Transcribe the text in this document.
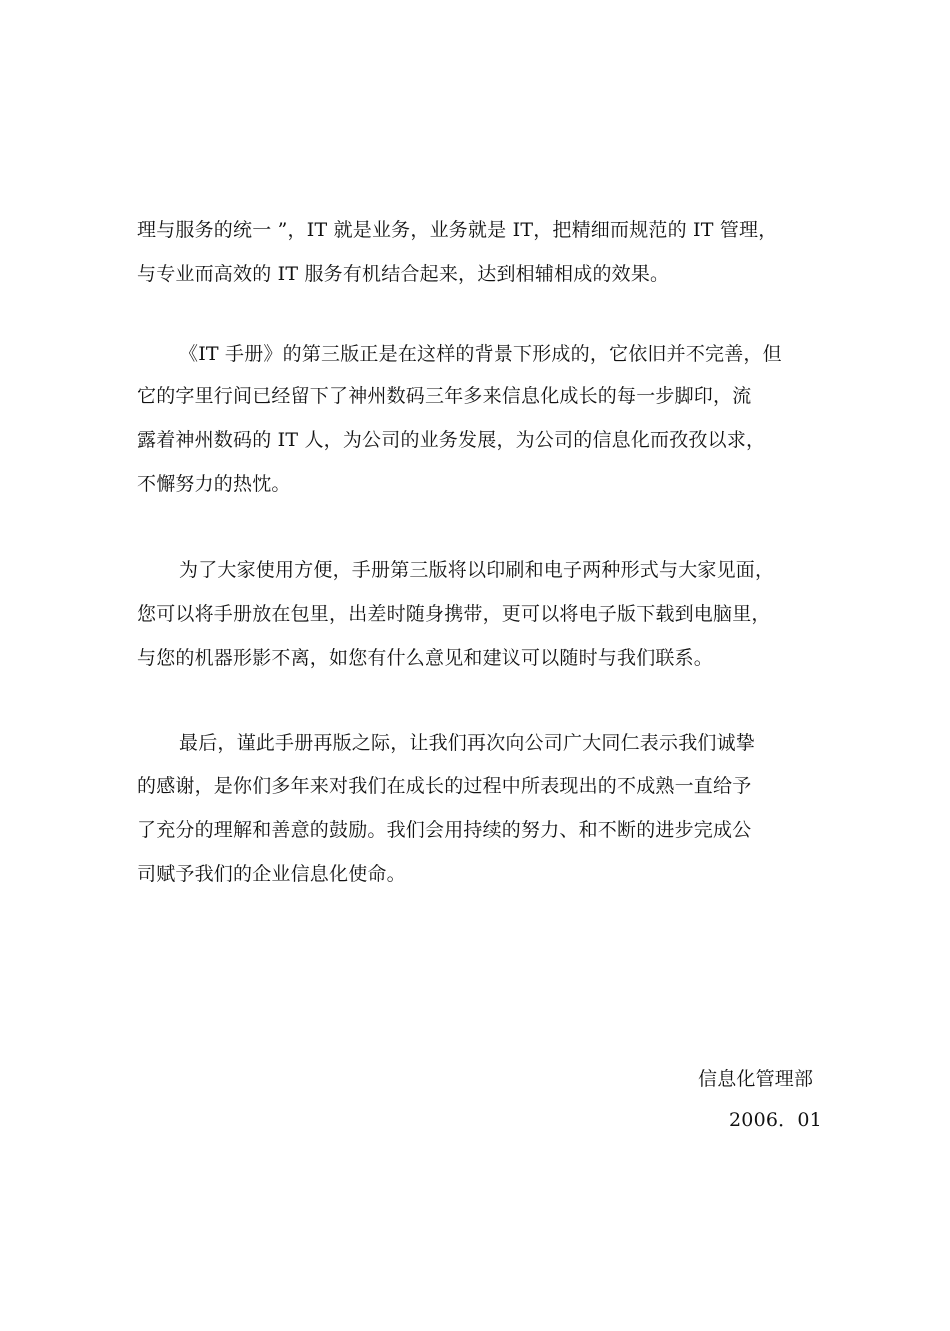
理与服务的统一 ”，IT 就是业务，业务就是 IT，把精细而规范的 IT 管理，
与专业而高效的 IT 服务有机结合起来，达到相辅相成的效果。
《IT 手册》的第三版正是在这样的背景下形成的，它依旧并不完善，但
它的字里行间已经留下了神州数码三年多来信息化成长的每一步脚印，流
露着神州数码的 IT 人，为公司的业务发展，为公司的信息化而孜孜以求，
不懈努力的热忱。
为了大家使用方便，手册第三版将以印刷和电子两种形式与大家见面，
您可以将手册放在包里，出差时随身携带，更可以将电子版下载到电脑里，
与您的机器形影不离，如您有什么意见和建议可以随时与我们联系。
最后，谨此手册再版之际，让我们再次向公司广大同仁表示我们诚挚
的感谢，是你们多年来对我们在成长的过程中所表现出的不成熟一直给予
了充分的理解和善意的鼓励。我们会用持续的努力、和不断的进步完成公
司赋予我们的企业信息化使命。
信息化管理部
2006．01
